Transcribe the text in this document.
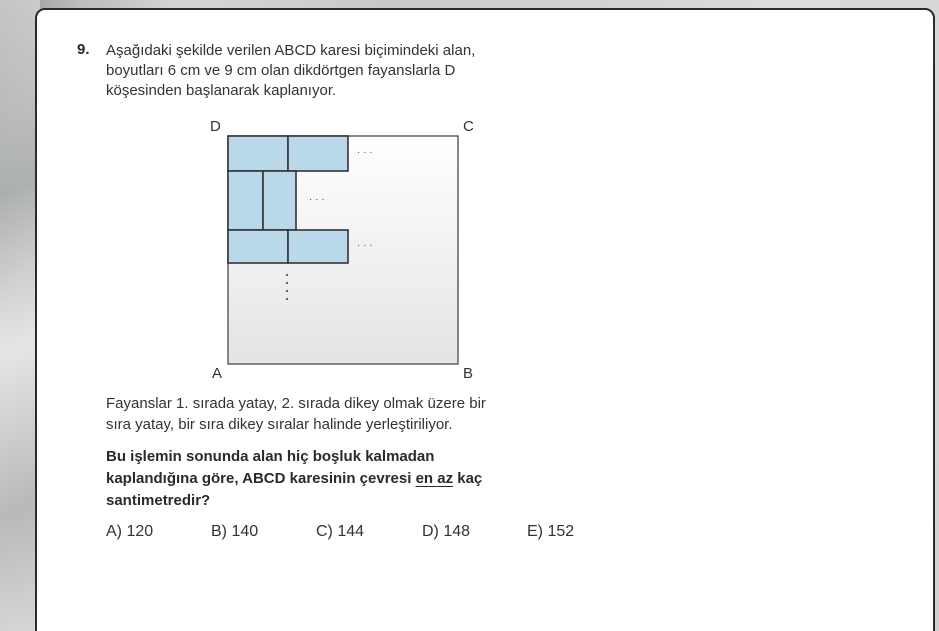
9. Aşağıdaki şekilde verilen ABCD karesi biçimindeki alan,
boyutları 6 cm ve 9 cm olan dikdörtgen fayanslarla D
köşesinden başlanarak kaplanıyor.
· · ·
· · ·
· · ·
D	C
A	B
Fayanslar 1. sırada yatay, 2. sırada dikey olmak üzere bir
sıra yatay, bir sıra dikey sıralar halinde yerleştiriliyor.
Bu işlemin sonunda alan hiç boşluk kalmadan
kaplandığına göre, ABCD karesinin çevresi en az kaç
santimetredir?
A) 120	B) 140	C) 144	D) 148	E) 152
